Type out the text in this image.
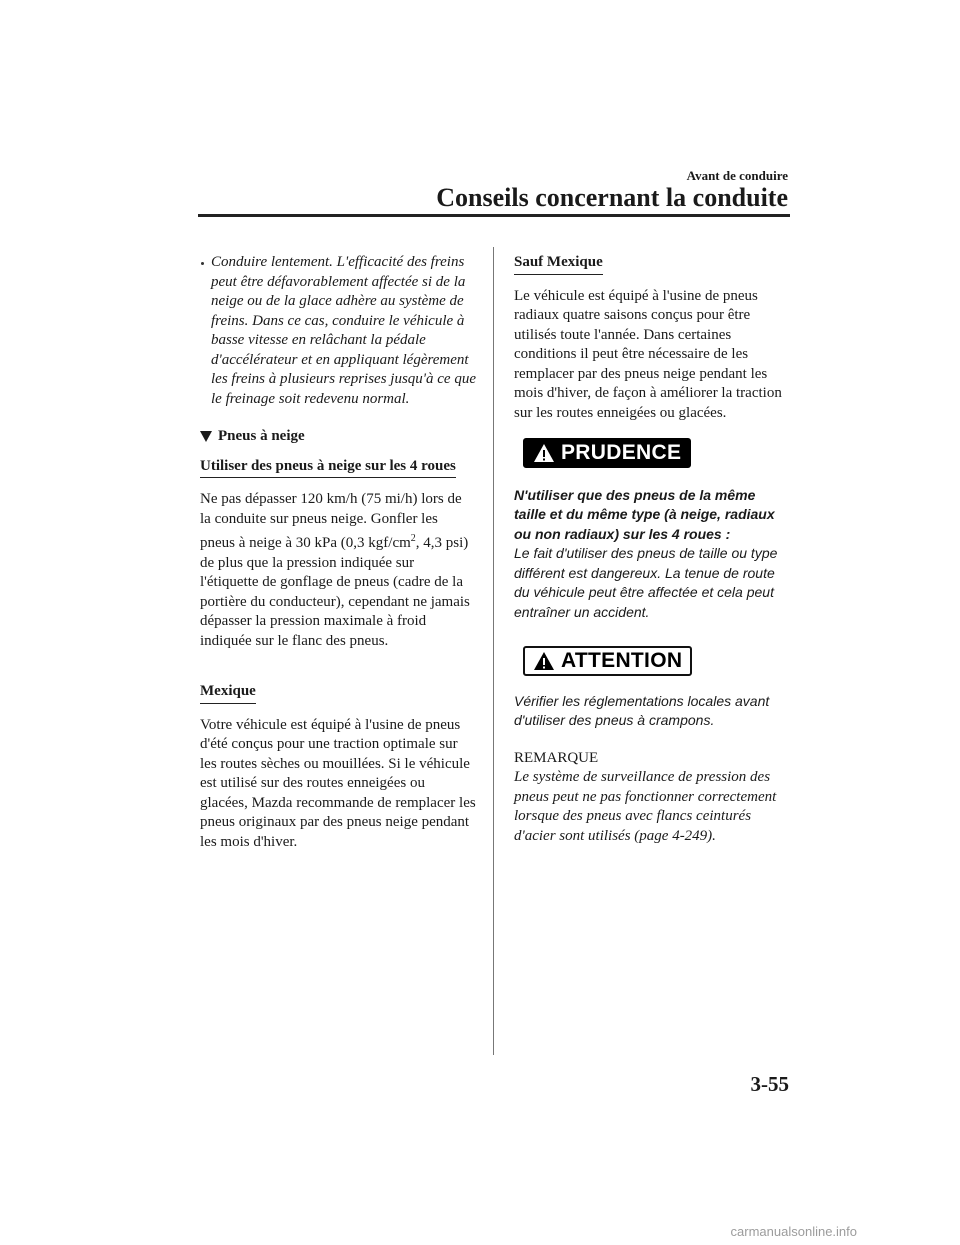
Avant de conduire
Conseils concernant la conduite
Conduire lentement. L'efficacité des freins peut être défavorablement affectée si de la neige ou de la glace adhère au système de freins. Dans ce cas, conduire le véhicule à basse vitesse en relâchant la pédale d'accélérateur et en appliquant légèrement les freins à plusieurs reprises jusqu'à ce que le freinage soit redevenu normal.
Pneus à neige
Utiliser des pneus à neige sur les 4 roues

Ne pas dépasser 120 km/h (75 mi/h) lors de la conduite sur pneus neige. Gonfler les pneus à neige à 30 kPa (0,3 kgf/$cm^2$, 4,3 psi) de plus que la pression indiquée sur l'étiquette de gonflage de pneus (cadre de la portière du conducteur), cependant ne jamais dépasser la pression maximale à froid indiquée sur le flanc des pneus.

Mexique

Votre véhicule est équipé à l'usine de pneus d'été conçus pour une traction optimale sur les routes sèches ou mouillées. Si le véhicule est utilisé sur des routes enneigées ou glacées, Mazda recommande de remplacer les pneus originaux par des pneus neige pendant les mois d'hiver.

Sauf Mexique

Le véhicule est équipé à l'usine de pneus radiaux quatre saisons conçus pour être utilisés toute l'année. Dans certaines conditions il peut être nécessaire de les remplacer par des pneus neige pendant les mois d'hiver, de façon à améliorer la traction sur les routes enneigées ou glacées.

PRUDENCE

N'utiliser que des pneus de la même taille et du même type (à neige, radiaux ou non radiaux) sur les 4 roues :

Le fait d'utiliser des pneus de taille ou type différent est dangereux. La tenue de route du véhicule peut être affectée et cela peut entraîner un accident.

ATTENTION

Vérifier les réglementations locales avant d'utiliser des pneus à crampons.

REMARQUE

Le système de surveillance de pression des pneus peut ne pas fonctionner correctement lorsque des pneus avec flancs ceinturés d'acier sont utilisés (page 4-249).

3-55
carmanualsonline.info
